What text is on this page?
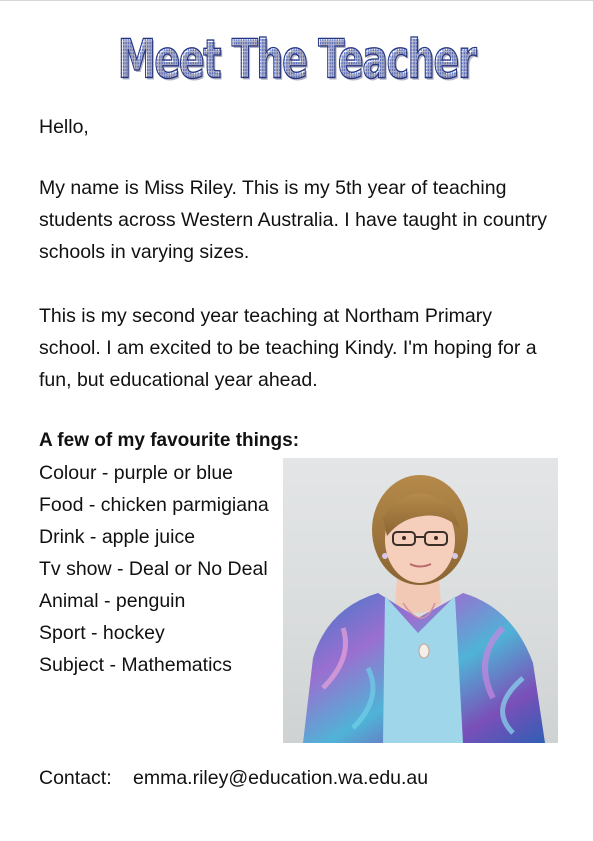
Meet The Teacher

Hello,

My name is Miss Riley. This is my 5th year of teaching students across Western Australia. I have taught in country schools in varying sizes.

This is my second year teaching at Northam Primary school. I am excited to be teaching Kindy. I'm hoping for a fun, but educational year ahead.

A few of my favourite things:

Colour - purple or blue
Food - chicken parmigiana
Drink - apple juice
Tv show - Deal or No Deal
Animal - penguin
Sport - hockey
Subject - Mathematics

Contact: emma.riley@education.wa.edu.au
